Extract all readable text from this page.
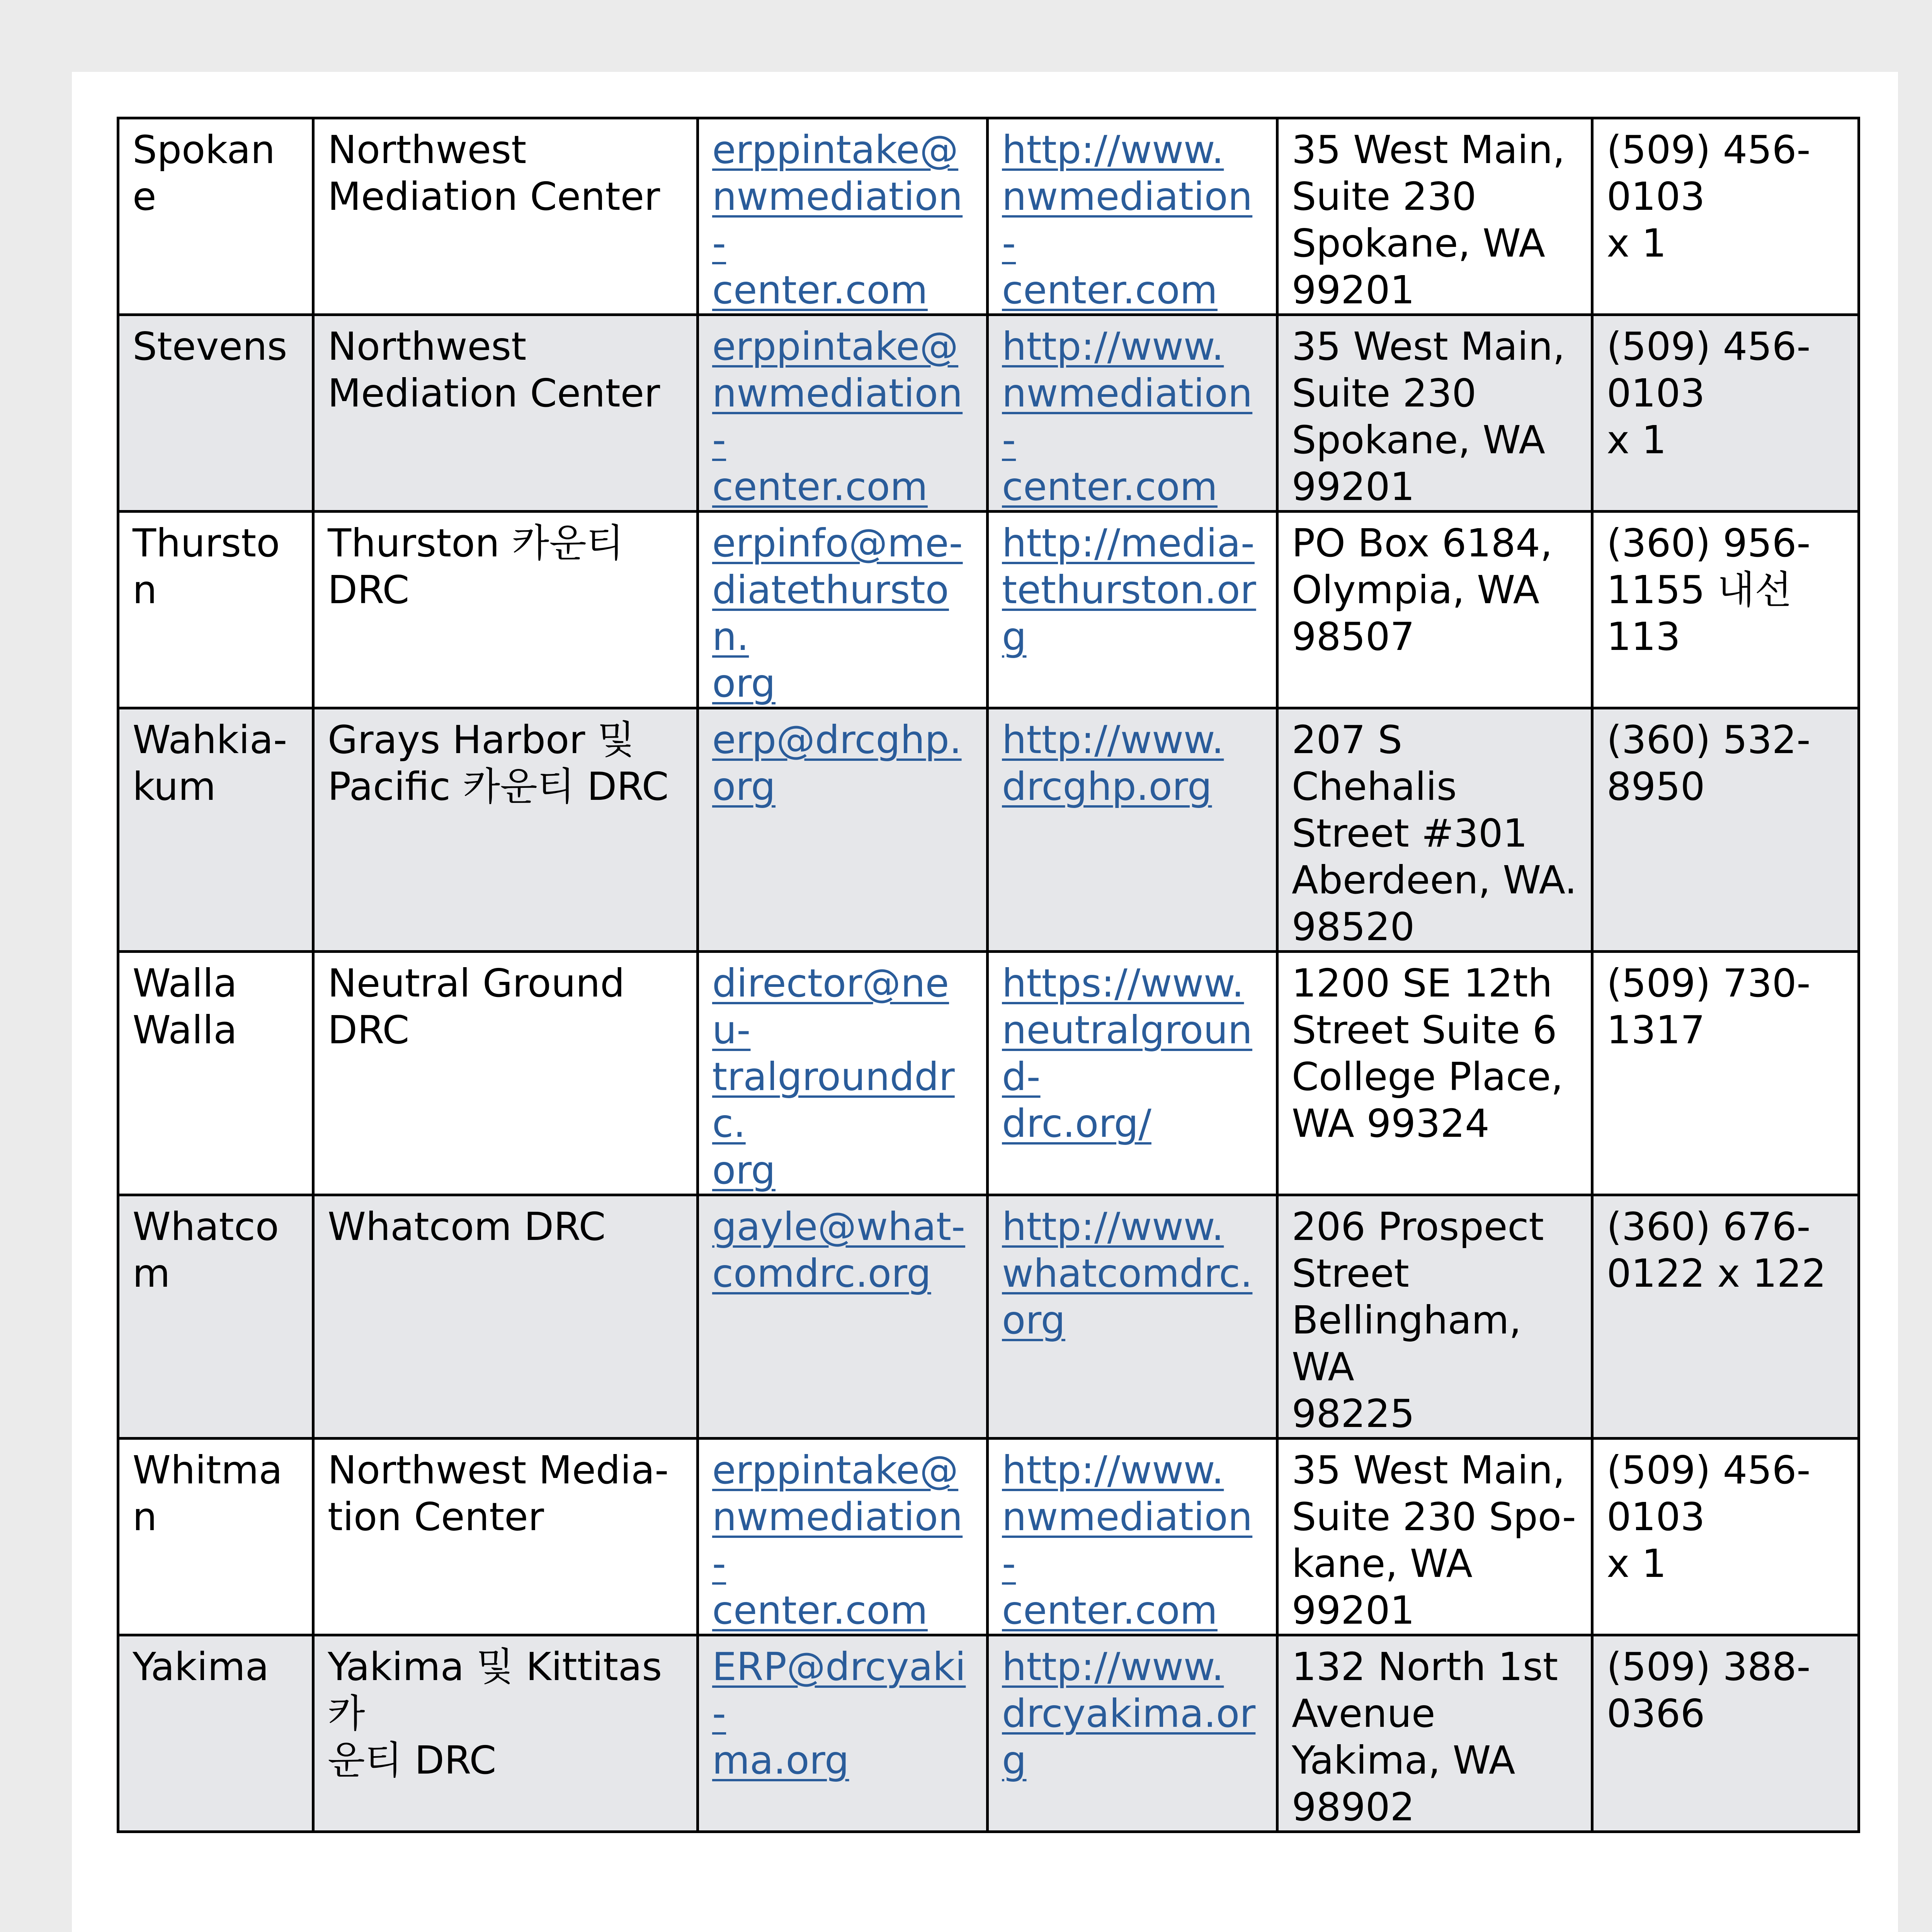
Spokane	Northwest
Mediation Center	erppintake@
nwmediation-
center.com	http://www.
nwmediation-
center.com	35 West Main,
Suite 230
Spokane, WA
99201	(509) 456-
0103
x 1

Stevens	Northwest
Mediation Center	erppintake@
nwmediation-
center.com	http://www.
nwmediation-
center.com	35 West Main,
Suite 230
Spokane, WA
99201	(509) 456-
0103
x 1

Thurston	Thurston 카운티
DRC	erpinfo@me-
diatethurston.
org	http://media-
tethurston.org	PO Box 6184,
Olympia, WA
98507	(360) 956-
1155 내선
113

Wahkia-
kum	Grays Harbor 및
Pacific 카운티 DRC	erp@drcghp.
org	http://www.
drcghp.org	207 S Chehalis
Street #301
Aberdeen, WA.
98520	(360) 532-
8950

Walla
Walla	Neutral Ground
DRC	director@neu-
tralgrounddrc.
org	https://www.
neutralground-
drc.org/	1200 SE 12th
Street Suite 6
College Place,
WA 99324	(509) 730-
1317

Whatcom	Whatcom DRC	gayle@what-
comdrc.org	http://www.
whatcomdrc.
org	206 Prospect
Street
Bellingham, WA
98225	(360) 676-
0122 x 122

Whitman	Northwest Media-
tion Center	erppintake@
nwmediation-
center.com	http://www.
nwmediation-
center.com	35 West Main,
Suite 230 Spo-
kane, WA 99201	(509) 456-
0103
x 1

Yakima	Yakima 및 Kittitas 카
운티 DRC	ERP@drcyaki-
ma.org	http://www.
drcyakima.org	132 North 1st
Avenue
Yakima, WA
98902	(509) 388-
0366
